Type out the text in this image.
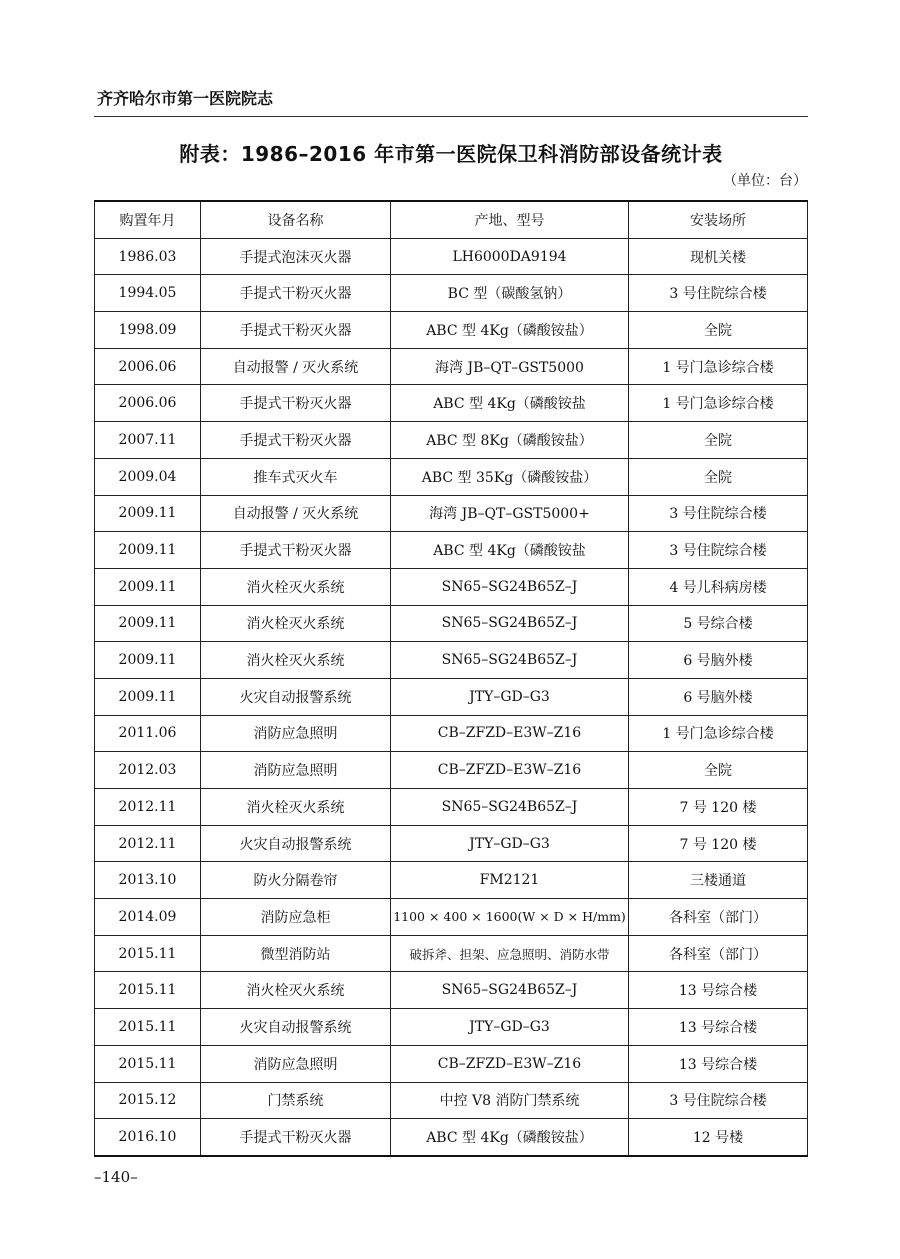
齐齐哈尔市第一医院院志
附表：1986–2016 年市第一医院保卫科消防部设备统计表
（单位：台）
购置年月	设备名称	产地、型号	安装场所
1986.03	手提式泡沫灭火器	LH6000DA9194	现机关楼
1994.05	手提式干粉灭火器	BC 型（碳酸氢钠）	3 号住院综合楼
1998.09	手提式干粉灭火器	ABC 型 4Kg（磷酸铵盐）	全院
2006.06	自动报警 / 灭火系统	海湾 JB–QT–GST5000	1 号门急诊综合楼
2006.06	手提式干粉灭火器	ABC 型 4Kg（磷酸铵盐	1 号门急诊综合楼
2007.11	手提式干粉灭火器	ABC 型 8Kg（磷酸铵盐）	全院
2009.04	推车式灭火车	ABC 型 35Kg（磷酸铵盐）	全院
2009.11	自动报警 / 灭火系统	海湾 JB–QT–GST5000+	3 号住院综合楼
2009.11	手提式干粉灭火器	ABC 型 4Kg（磷酸铵盐	3 号住院综合楼
2009.11	消火栓灭火系统	SN65–SG24B65Z–J	4 号儿科病房楼
2009.11	消火栓灭火系统	SN65–SG24B65Z–J	5 号综合楼
2009.11	消火栓灭火系统	SN65–SG24B65Z–J	6 号脑外楼
2009.11	火灾自动报警系统	JTY–GD–G3	6 号脑外楼
2011.06	消防应急照明	CB–ZFZD–E3W–Z16	1 号门急诊综合楼
2012.03	消防应急照明	CB–ZFZD–E3W–Z16	全院
2012.11	消火栓灭火系统	SN65–SG24B65Z–J	7 号 120 楼
2012.11	火灾自动报警系统	JTY–GD–G3	7 号 120 楼
2013.10	防火分隔卷帘	FM2121	三楼通道
2014.09	消防应急柜	1100 × 400 × 1600(W × D × H/mm)	各科室（部门）
2015.11	微型消防站	破拆斧、担架、应急照明、消防水带	各科室（部门）
2015.11	消火栓灭火系统	SN65–SG24B65Z–J	13 号综合楼
2015.11	火灾自动报警系统	JTY–GD–G3	13 号综合楼
2015.11	消防应急照明	CB–ZFZD–E3W–Z16	13 号综合楼
2015.12	门禁系统	中控 V8 消防门禁系统	3 号住院综合楼
2016.10	手提式干粉灭火器	ABC 型 4Kg（磷酸铵盐）	12 号楼
–140–
